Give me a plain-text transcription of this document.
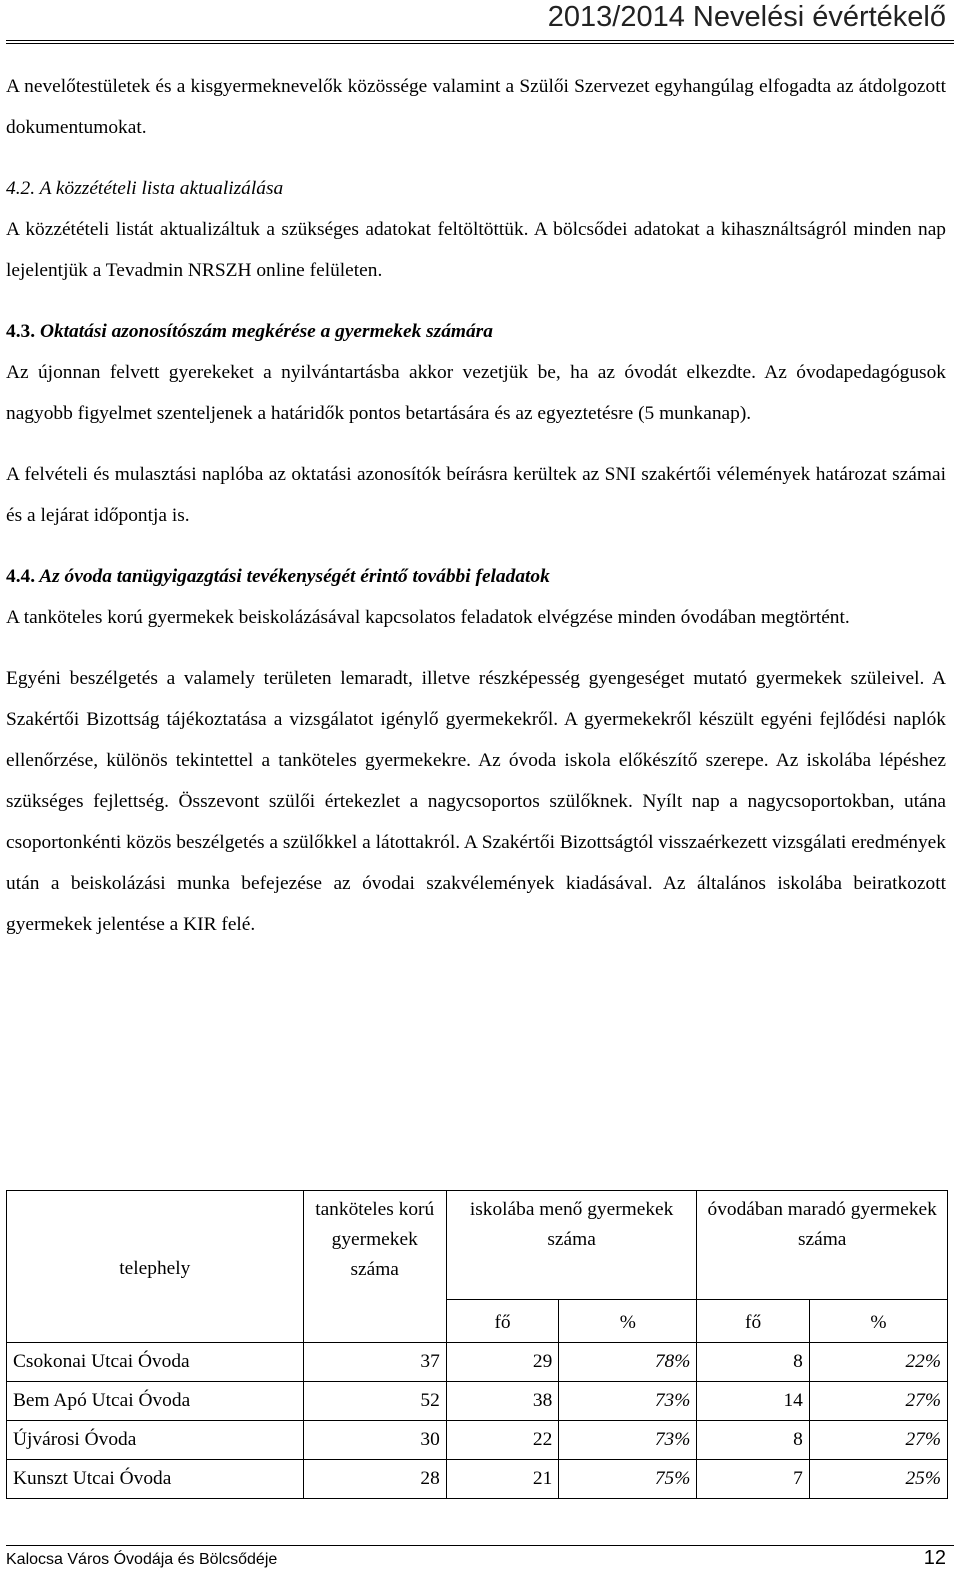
2013/2014 Nevelési évértékelő

A nevelőtestületek és a kisgyermeknevelők közössége valamint a Szülői Szervezet egyhangúlag elfogadta az átdolgozott dokumentumokat.

4.2. A közzétételi lista aktualizálása

A közzétételi listát aktualizáltuk a szükséges adatokat feltöltöttük. A bölcsődei adatokat a kihasználtságról minden nap lejelentjük a Tevadmin NRSZH online felületen.

4.3. Oktatási azonosítószám megkérése a gyermekek számára

Az újonnan felvett gyerekeket a nyilvántartásba akkor vezetjük be, ha az óvodát elkezdte. Az óvodapedagógusok nagyobb figyelmet szenteljenek a határidők pontos betartására és az egyeztetésre (5 munkanap).

A felvételi és mulasztási naplóba az oktatási azonosítók beírásra kerültek az SNI szakértői vélemények határozat számai és a lejárat időpontja is.

4.4. Az óvoda tanügyigazgtási tevékenységét érintő további feladatok

A tanköteles korú gyermekek beiskolázásával kapcsolatos feladatok elvégzése minden óvodában megtörtént.

Egyéni beszélgetés a valamely területen lemaradt, illetve részképesség gyengeséget mutató gyermekek szüleivel. A Szakértői Bizottság tájékoztatása a vizsgálatot igénylő gyermekekről. A gyermekekről készült egyéni fejlődési naplók ellenőrzése, különös tekintettel a tanköteles gyermekekre. Az óvoda iskola előkészítő szerepe. Az iskolába lépéshez szükséges fejlettség. Összevont szülői értekezlet a nagycsoportos szülőknek. Nyílt nap a nagycsoportokban, utána csoportonkénti közös beszélgetés a szülőkkel a látottakról. A Szakértői Bizottságtól visszaérkezett vizsgálati eredmények után a beiskolázási munka befejezése az óvodai szakvélemények kiadásával. Az általános iskolába beiratkozott gyermekek jelentése a KIR felé.

telephely	tanköteles korú gyermekek száma	iskolába menő gyermekek száma		óvodában maradó gyermekek száma	
		fő	%	fő	%
Csokonai Utcai Óvoda	37	29	78%	8	22%
Bem Apó Utcai Óvoda	52	38	73%	14	27%
Újvárosi Óvoda	30	22	73%	8	27%
Kunszt Utcai Óvoda	28	21	75%	7	25%
Kalocsa Város Óvodája és Bölcsődéje	12
